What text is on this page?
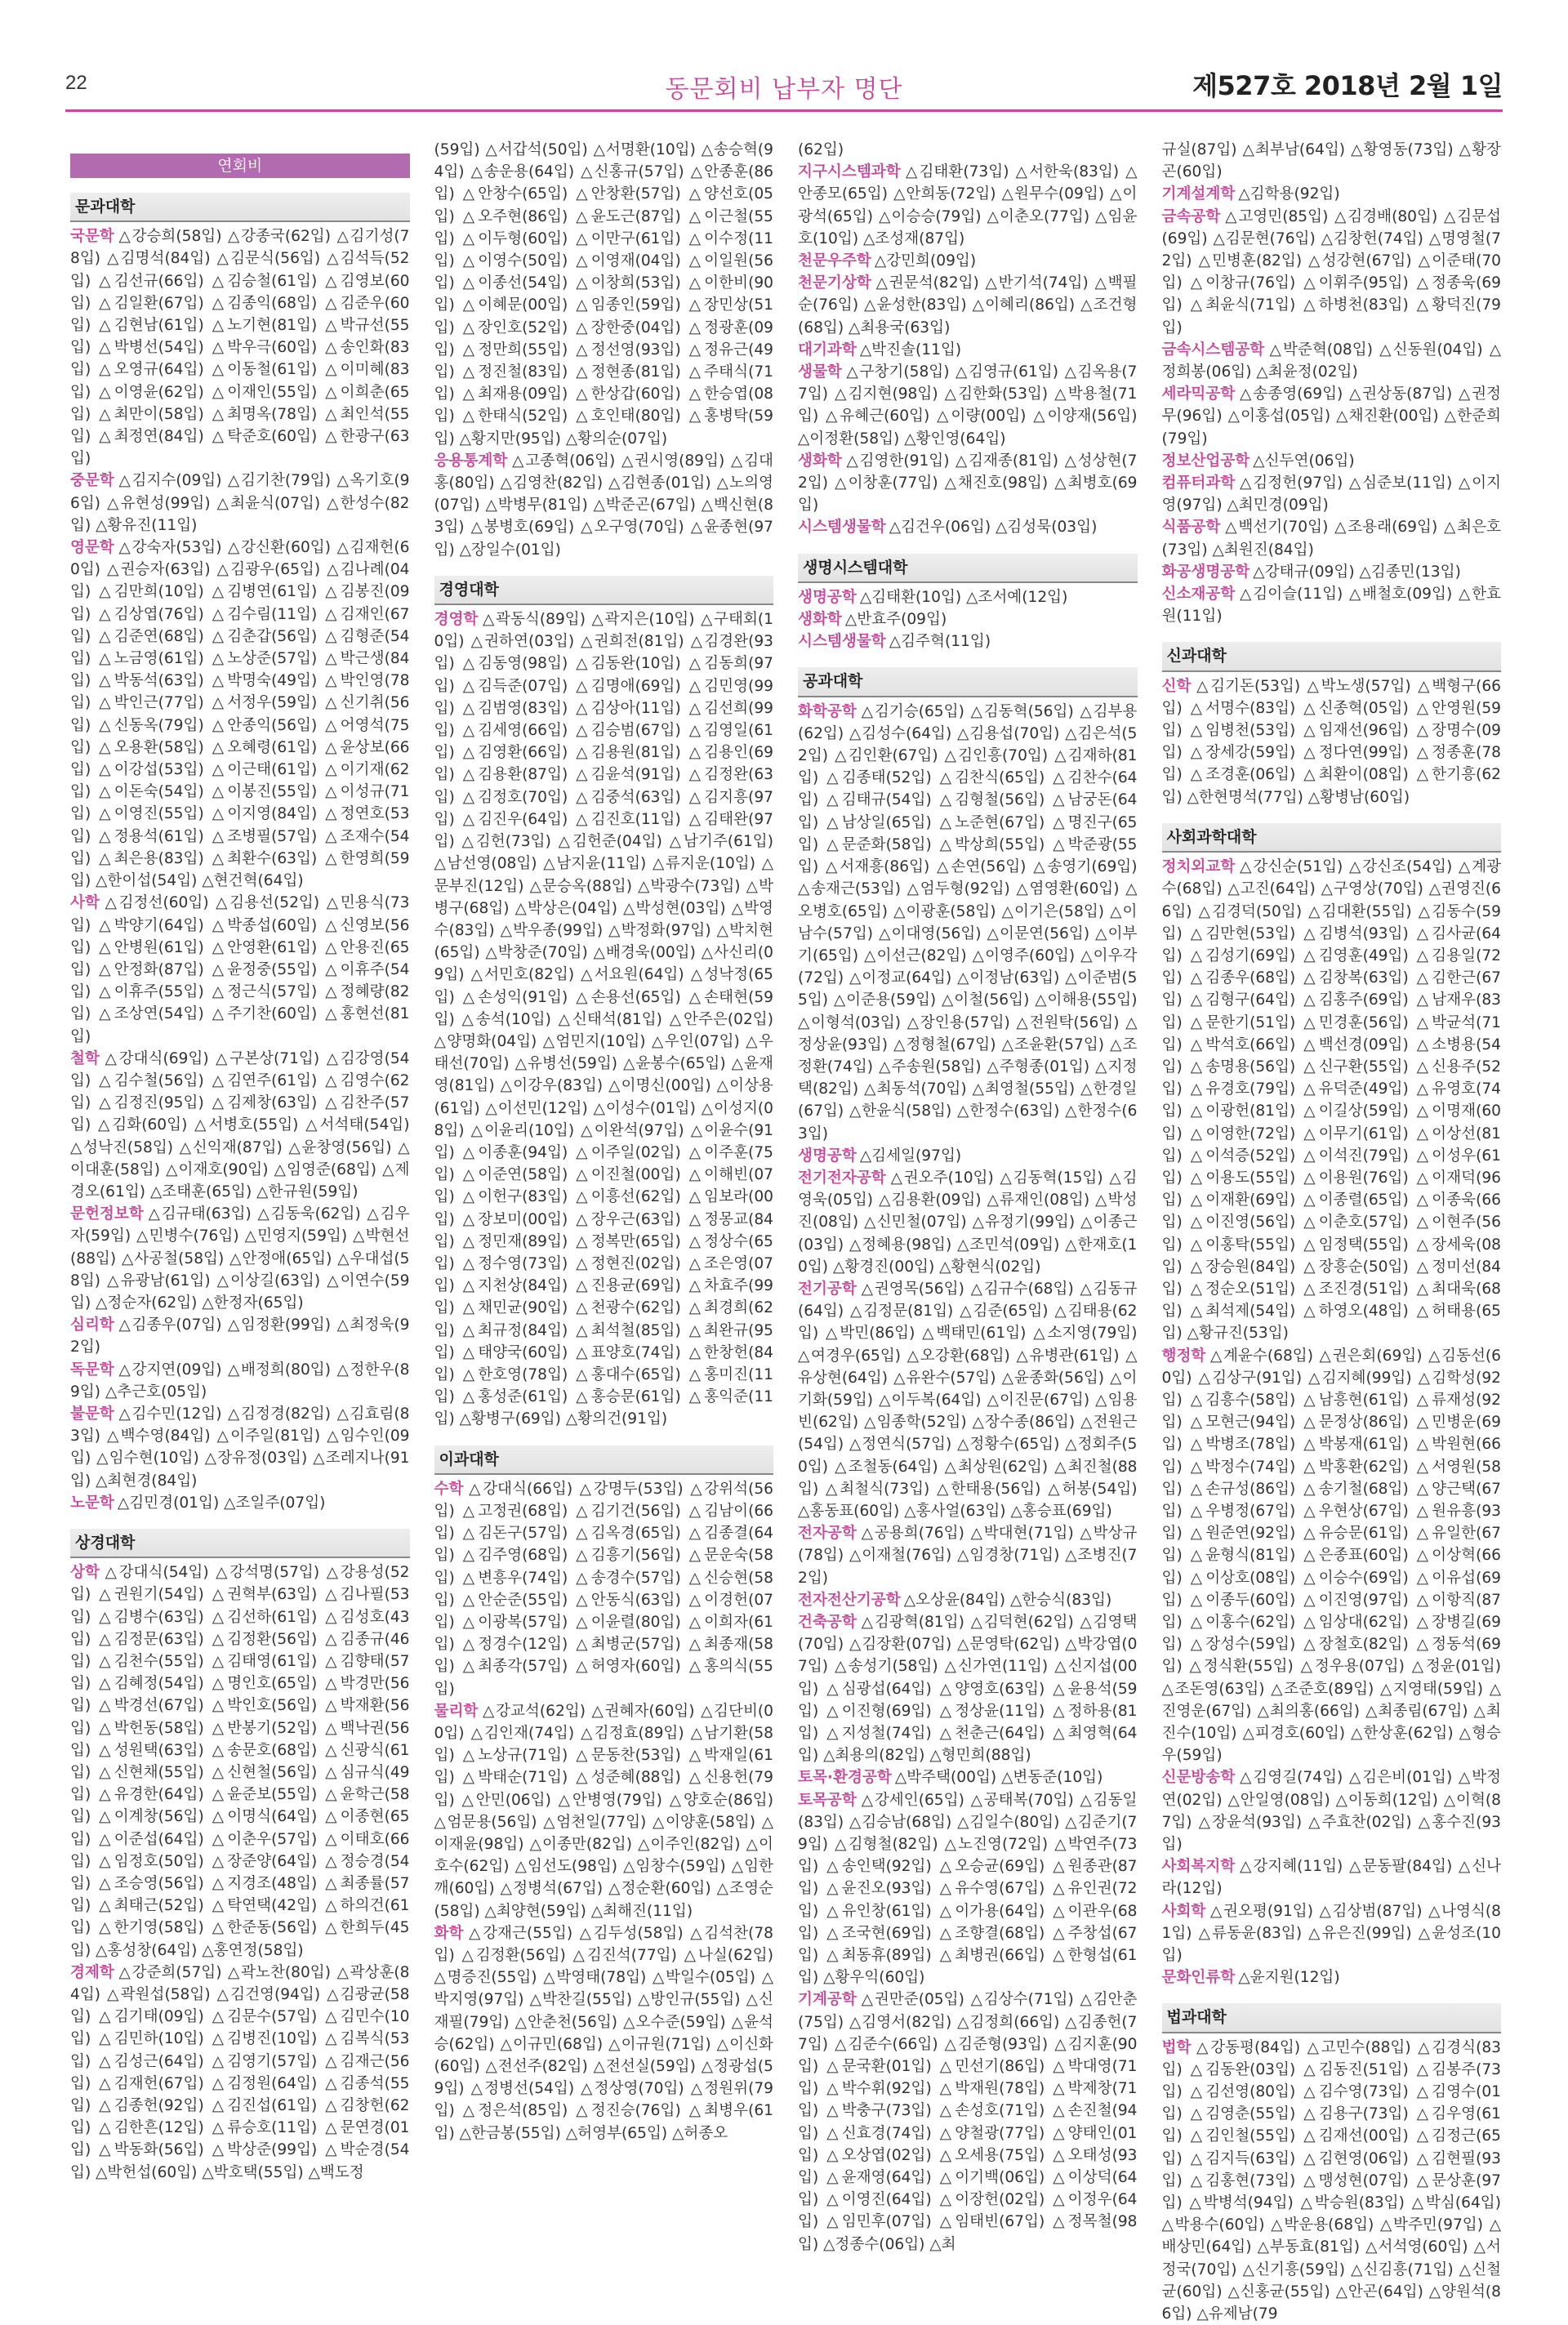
22	동문회비 납부자 명단	제527호 2018년 2월 1일
연회비
문과대학
국문학 △강승희(58입) △강종국(62입) △김기성(78입) △김명석(84입) △김문식(56입) △김석득(52입) △김선규(66입) △김승철(61입) △김영보(60입) △김일환(67입) △김종익(68입) △김준우(60입) △김현남(61입) △노기현(81입) △박규선(55입) △박병선(54입) △박우극(60입) △송인화(83입) △오영규(64입) △이동철(61입) △이미혜(83입) △이영윤(62입) △이재인(55입) △이희춘(65입) △최만이(58입) △최명옥(78입) △최인석(55입) △최정연(84입) △탁준호(60입) △한광구(63입)
중문학 △김지수(09입) △김기찬(79입) △옥기호(96입) △유현성(99입) △최윤식(07입) △한성수(82입) △황유진(11입)
영문학 △강숙자(53입) △강신환(60입) △김재헌(60입) △권승자(63입) △김광우(65입) △김나례(04입) △김만희(10입) △김병연(61입) △김봉진(09입) △김상엽(76입) △김수림(11입) △김재인(67입) △김준연(68입) △김춘갑(56입) △김형준(54입) △노금영(61입) △노상준(57입) △박근생(84입) △박동석(63입) △박명숙(49입) △박인영(78입) △박인근(77입) △서정우(59입) △신기취(56입) △신동옥(79입) △안종익(56입) △어영석(75입) △오용환(58입) △오혜령(61입) △윤상보(66입) △이강섭(53입) △이근태(61입) △이기재(62입) △이돈숙(54입) △이봉진(55입) △이성규(71입) △이영진(55입) △이지영(84입) △정연호(53입) △정용석(61입) △조병필(57입) △조재수(54입) △최은용(83입) △최환수(63입) △한영희(59입) △한이섭(54입) △현건혁(64입)
사학 △김정선(60입) △김용선(52입) △민용식(73입) △박양기(64입) △박종섭(60입) △신영보(56입) △안병원(61입) △안영환(61입) △안용진(65입) △안정화(87입) △윤정중(55입) △이휴주(54입) △이휴주(55입) △정근식(57입) △정혜량(82입) △조상연(54입) △주기찬(60입) △홍현선(81입)
철학 △강대식(69입) △구본상(71입) △김강영(54입) △김수철(56입) △김연주(61입) △김영수(62입) △김정진(95입) △김제창(63입) △김찬주(57입) △김화(60입) △서병호(55입) △서석태(54입) △성낙진(58입) △신익재(87입) △윤창영(56입) △이대훈(58입) △이재호(90입) △임영준(68입) △제경오(61입) △조태훈(65입) △한규원(59입)
문헌정보학 △김규태(63입) △김동욱(62입) △김우자(59입) △민병수(76입) △민영지(59입) △박현선(88입) △사공철(58입) △안정애(65입) △우대섭(58입) △유광남(61입) △이상길(63입) △이연수(59입) △정순자(62입) △한정자(65입)
심리학 △김종우(07입) △임정환(99입) △최정욱(92입)
독문학 △강지연(09입) △배정희(80입) △정한우(89입) △추근호(05입)
불문학 △김수민(12입) △김정경(82입) △김효림(83입) △백수영(84입) △이주일(81입) △임수인(09입) △임수현(10입) △장유정(03입) △조레지나(91입) △최현경(84입)
노문학 △김민경(01입) △조일주(07입)
상경대학
상학 △강대식(54입) △강석명(57입) △강용성(52입) △권원기(54입) △권혁부(63입) △김나필(53입) △김병수(63입) △김선하(61입) △김성호(43입) △김정문(63입) △김정환(56입) △김종규(46입) △김천수(55입) △김태영(61입) △김향태(57입) △김혜정(54입) △명인호(65입) △박경만(56입) △박경선(67입) △박인호(56입) △박재환(56입) △박헌동(58입) △반봉기(52입) △백낙권(56입) △성원택(63입) △송문호(68입) △신광식(61입) △신현채(55입) △신현철(56입) △심규식(49입) △유경한(64입) △윤준보(55입) △윤학근(58입) △이계창(56입) △이명식(64입) △이종현(65입) △이준섭(64입) △이춘우(57입) △이태호(66입) △임정호(50입) △장준양(64입) △정승경(54입) △조승영(56입) △지경조(48입) △최종률(57입) △최태근(52입) △탁연택(42입) △하의건(61입) △한기영(58입) △한준동(56입) △한희두(45입) △홍성창(64입) △홍연정(58입)
경제학 △강준희(57입) △곽노찬(80입) △곽상훈(84입) △곽원섭(58입) △김건영(94입) △김광균(58입) △김기태(09입) △김문수(57입) △김민수(10입) △김민하(10입) △김병진(10입) △김복식(53입) △김성근(64입) △김영기(57입) △김재근(56입) △김재헌(67입) △김정원(64입) △김종석(55입) △김종헌(92입) △김진섭(61입) △김창헌(62입) △김한흔(12입) △류승호(11입) △문연경(01입) △박동화(56입) △박상준(99입) △박순경(54입) △박헌섭(60입) △박호택(55입) △백도정
(59입) △서갑석(50입) △서명환(10입) △송승혁(94입) △송운용(64입) △신홍규(57입) △안종훈(86입) △안창수(65입) △안창환(57입) △양선호(05입) △오주현(86입) △윤도근(87입) △이근철(55입) △이두형(60입) △이만구(61입) △이수정(11입) △이영수(50입) △이영재(04입) △이일원(56입) △이종선(54입) △이창희(53입) △이한비(90입) △이혜문(00입) △임종인(59입) △장민상(51입) △장인호(52입) △장한중(04입) △정광훈(09입) △정만희(55입) △정선영(93입) △정유근(49입) △정진철(83입) △정현종(81입) △주태식(71입) △최재용(09입) △한상갑(60입) △한승엽(08입) △한태식(52입) △호인태(80입) △홍병탁(59입) △황지만(95입) △황의순(07입)
응용통계학 △고종혁(06입) △권시영(89입) △김대홍(80입) △김영찬(82입) △김현종(01입) △노의영(07입) △박병무(81입) △박준곤(67입) △백신현(83입) △봉병호(69입) △오구영(70입) △윤종현(97입) △장일수(01입)
경영대학
경영학 △곽동식(89입) △곽지은(10입) △구태회(10입) △권하연(03입) △권희전(81입) △김경완(93입) △김동영(98입) △김동완(10입) △김동희(97입) △김득준(07입) △김명애(69입) △김민영(99입) △김범영(83입) △김상아(11입) △김선희(99입) △김세영(66입) △김승범(67입) △김영일(61입) △김영환(66입) △김용원(81입) △김용인(69입) △김용환(87입) △김윤석(91입) △김정완(63입) △김정호(70입) △김중석(63입) △김지흥(97입) △김진우(64입) △김진호(11입) △김태완(97입) △김헌(73입) △김헌준(04입) △남기주(61입) △남선영(08입) △남지윤(11입) △류지운(10입) △문부진(12입) △문승옥(88입) △박광수(73입) △박병구(68입) △박상은(04입) △박성현(03입) △박영수(83입) △박우종(99입) △박정화(97입) △박치현(65입) △박창준(70입) △배경욱(00입) △사신리(09입) △서민호(82입) △서요원(64입) △성낙정(65입) △손성익(91입) △손용선(65입) △손태현(59입) △송석(10입) △신태석(81입) △안주은(02입) △양명화(04입) △엄민지(10입) △우인(07입) △우태선(70입) △유병선(59입) △윤봉수(65입) △윤재영(81입) △이강우(83입) △이명신(00입) △이상용(61입) △이선민(12입) △이성수(01입) △이성지(08입) △이윤리(10입) △이완석(97입) △이윤수(91입) △이종훈(94입) △이주일(02입) △이주훈(75입) △이준연(58입) △이진철(00입) △이해빈(07입) △이헌구(83입) △이흥선(62입) △임보라(00입) △장보미(00입) △장우근(63입) △정몽교(84입) △정민재(89입) △정복만(65입) △정상수(65입) △정수영(73입) △정현진(02입) △조은영(07입) △지천상(84입) △진용균(69입) △차효주(99입) △채민균(90입) △천광수(62입) △최경희(62입) △최규정(84입) △최석철(85입) △최완규(95입) △태양국(60입) △표양호(74입) △한창헌(84입) △한호영(78입) △홍대수(65입) △홍미진(11입) △홍성준(61입) △홍승문(61입) △홍익준(11입) △황병구(69입) △황의건(91입)
이과대학
수학 △강대식(66입) △강명두(53입) △강위석(56입) △고정권(68입) △김기건(56입) △김남이(66입) △김돈구(57입) △김옥경(65입) △김종결(64입) △김주영(68입) △김흥기(56입) △문운숙(58입) △변흥우(74입) △송경수(57입) △신승현(58입) △안순준(55입) △안동식(63입) △이경헌(07입) △이광복(57입) △이윤렬(80입) △이희자(61입) △정경수(12입) △최병군(57입) △최종재(58입) △최종각(57입) △허영자(60입) △홍의식(55입)
물리학 △강교석(62입) △권혜자(60입) △김단비(00입) △김인재(74입) △김정효(89입) △남기환(58입) △노상규(71입) △문동찬(53입) △박재일(61입) △박태순(71입) △성준혜(88입) △신용헌(79입) △안민(06입) △안병영(79입) △양호순(86입) △엄문용(56입) △엄천일(77입) △이양훈(58입) △이재윤(98입) △이종만(82입) △이주인(82입) △이호수(62입) △임선도(98입) △임창수(59입) △임한깨(60입) △정병석(67입) △정순환(60입) △조영순(58입) △최양현(59입) △최해진(11입)
화학 △강재근(55입) △김두성(58입) △김석찬(78입) △김정환(56입) △김진석(77입) △나실(62입) △명증진(55입) △박영태(78입) △박일수(05입) △박지영(97입) △박찬길(55입) △방인규(55입) △신재필(79입) △안춘천(56입) △오수준(59입) △윤석승(62입) △이규민(68입) △이규원(71입) △이신화(60입) △전선주(82입) △전선실(59입) △정광섭(59입) △정병선(54입) △정상영(70입) △정원위(79입) △정은석(85입) △정진승(76입) △최병우(61입) △한금봉(55입) △허영부(65입) △허종오
(62입)
지구시스템과학 △김태환(73입) △서한욱(83입) △안종모(65입) △안희동(72입) △원무수(09입) △이광석(65입) △이승승(79입) △이춘오(77입) △임윤호(10입) △조성재(87입)
천문우주학 △강민희(09입)
천문기상학 △권문석(82입) △반기석(74입) △백필순(76입) △윤성한(83입) △이혜리(86입) △조건형(68입) △최용국(63입)
대기과학 △박진솔(11입)
생물학 △구창기(58입) △김영규(61입) △김옥용(77입) △김지현(98입) △김한화(53입) △박용철(71입) △유혜근(60입) △이량(00입) △이양재(56입) △이정환(58입) △황인영(64입)
생화학 △김영한(91입) △김재종(81입) △성상현(72입) △이창훈(77입) △채진호(98입) △최병호(69입)
시스템생물학 △김건우(06입) △김성묵(03입)
생명시스템대학
생명공학 △김태환(10입) △조서예(12입)
생화학 △반효주(09입)
시스템생물학 △김주혁(11입)
공과대학
화학공학 △김기승(65입) △김동혁(56입) △김부용(62입) △김성수(64입) △김용섭(70입) △김은석(52입) △김인환(67입) △김인흥(70입) △김재하(81입) △김종태(52입) △김찬식(65입) △김찬수(64입) △김태규(54입) △김형철(56입) △남궁돈(64입) △남상일(65입) △노준현(67입) △명진구(65입) △문준화(58입) △박상희(55입) △박준광(55입) △서재흥(86입) △손연(56입) △송영기(69입) △송재근(53입) △엄두형(92입) △염영환(60입) △오병호(65입) △이광훈(58입) △이기은(58입) △이남수(57입) △이대영(56입) △이문연(56입) △이부기(65입) △이선근(82입) △이영주(60입) △이우각(72입) △이정교(64입) △이정남(63입) △이준범(55입) △이준용(59입) △이철(56입) △이해용(55입) △이형석(03입) △장인용(57입) △전원탁(56입) △정상윤(93입) △정형철(67입) △조윤환(57입) △조정환(74입) △주송원(58입) △주형종(01입) △지정택(82입) △최동석(70입) △최영철(55입) △한경일(67입) △한윤식(58입) △한정수(63입) △한정수(63입)
생명공학 △김세일(97입)
전기전자공학 △권오주(10입) △김동혁(15입) △김영욱(05입) △김용환(09입) △류재인(08입) △박성진(08입) △신민철(07입) △유정기(99입) △이종근(03입) △정혜용(98입) △조민석(09입) △한재호(10입) △황경진(00입) △황현식(02입)
전기공학 △권영목(56입) △김규수(68입) △김동규(64입) △김정문(81입) △김준(65입) △김태용(62입) △박민(86입) △백태민(61입) △소지영(79입) △여경우(65입) △오강환(68입) △유병관(61입) △유상현(64입) △유완수(57입) △윤종화(56입) △이기화(59입) △이두복(64입) △이진문(67입) △임용빈(62입) △임종학(52입) △장수종(86입) △전원근(54입) △정연식(57입) △정황수(65입) △정회주(50입) △조철동(64입) △최상원(62입) △최진철(88입) △최철식(73입) △한태용(56입) △허봉(54입) △홍동표(60입) △홍사얼(63입) △홍승표(69입)
전자공학 △공용희(76입) △박대현(71입) △박상규(78입) △이재철(76입) △임경창(71입) △조병진(72입)
전자전산기공학 △오상윤(84입) △한승식(83입)
건축공학 △김광혁(81입) △김덕현(62입) △김영택(70입) △김장환(07입) △문영탁(62입) △박강엽(07입) △송성기(58입) △신가연(11입) △신지섭(00입) △심광섭(64입) △양영호(63입) △윤용석(59입) △이진형(69입) △정상윤(11입) △정하용(81입) △지성철(74입) △천춘근(64입) △최영혁(64입) △최용의(82입) △형민희(88입)
토목·환경공학 △박주택(00입) △변동준(10입)
토목공학 △강세인(65입) △공태복(70입) △김동일(83입) △김승남(68입) △김일수(80입) △김준기(79입) △김형철(82입) △노진영(72입) △박연주(73입) △송인택(92입) △오승균(69입) △원종관(87입) △윤진오(93입) △유수영(67입) △유인권(72입) △유인창(61입) △이가용(64입) △이관우(68입) △조국현(69입) △조향결(68입) △주창섭(67입) △최동휴(89입) △최병권(66입) △한형섭(61입) △황우익(60입)
기계공학 △권만준(05입) △김상수(71입) △김안춘(75입) △김영서(82입) △김정희(66입) △김종헌(77입) △김준수(66입) △김준형(93입) △김지훈(90입) △문국환(01입) △민선기(86입) △박대영(71입) △박수휘(92입) △박재원(78입) △박제창(71입) △박충구(73입) △손성호(71입) △손진철(94입) △신효경(74입) △양철광(77입) △양태인(01입) △오상엽(02입) △오세용(75입) △오태성(93입) △윤재영(64입) △이기백(06입) △이상덕(64입) △이영진(64입) △이장헌(02입) △이정우(64입) △임민후(07입) △임태빈(67입) △정목철(98입) △정종수(06입) △최
규실(87입) △최부남(64입) △황영동(73입) △황장곤(60입)
기계설계학 △김학용(92입)
금속공학 △고영민(85입) △김경배(80입) △김문섭(69입) △김문현(76입) △김창헌(74입) △명영철(72입) △민병훈(82입) △성강현(67입) △이준태(70입) △이창규(76입) △이휘주(95입) △정종욱(69입) △최윤식(71입) △하병천(83입) △황덕진(79입)
금속시스템공학 △박준혁(08입) △신동원(04입) △정희봉(06입) △최윤정(02입)
세라믹공학 △송종영(69입) △권상동(87입) △권정무(96입) △이홍섭(05입) △채진환(00입) △한준희(79입)
정보산업공학 △신두연(06입)
컴퓨터과학 △김정헌(97입) △심준보(11입) △이지영(97입) △최민경(09입)
식품공학 △백선기(70입) △조용래(69입) △최은호(73입) △최원진(84입)
화공생명공학 △강태규(09입) △김종민(13입)
신소재공학 △김이슬(11입) △배철호(09입) △한효원(11입)
신과대학
신학 △김기돈(53입) △박노생(57입) △백형구(66입) △서명수(83입) △신종혁(05입) △안영원(59입) △임병천(53입) △임재선(96입) △장명수(09입) △장세강(59입) △정다연(99입) △정종훈(78입) △조경훈(06입) △최환이(08입) △한기흥(62입) △한현명석(77입) △황병남(60입)
사회과학대학
정치외교학 △강신순(51입) △강신조(54입) △계광수(68입) △고진(64입) △구영상(70입) △권영진(66입) △김경덕(50입) △김대환(55입) △김동수(59입) △김만현(53입) △김병석(93입) △김사균(64입) △김성기(69입) △김영훈(49입) △김용일(72입) △김종우(68입) △김창복(63입) △김한근(67입) △김형구(64입) △김홍주(69입) △남재우(83입) △문한기(51입) △민경훈(56입) △박균석(71입) △박석호(66입) △백선경(09입) △소병용(54입) △송명용(56입) △신구환(55입) △신용주(52입) △유경호(79입) △유덕준(49입) △유영호(74입) △이광헌(81입) △이길상(59입) △이명재(60입) △이영한(72입) △이무기(61입) △이상선(81입) △이석증(52입) △이석진(79입) △이성우(61입) △이용도(55입) △이용원(76입) △이재덕(96입) △이재환(69입) △이종렬(65입) △이종욱(66입) △이진영(56입) △이춘호(57입) △이현주(56입) △이홍탁(55입) △임정택(55입) △장세욱(08입) △장승원(84입) △장흥순(50입) △정미선(84입) △정순오(51입) △조진경(51입) △최대욱(68입) △최석제(54입) △하영오(48입) △허태용(65입) △황규진(53입)
행정학 △계윤수(68입) △권은회(69입) △김동선(60입) △김상구(91입) △김지혜(99입) △김학성(92입) △김흥수(58입) △남흥현(61입) △류재성(92입) △모현근(94입) △문정상(86입) △민병운(69입) △박병조(78입) △박봉재(61입) △박원현(66입) △박정수(74입) △박홍환(62입) △서영원(58입) △손규성(86입) △송기철(68입) △양근택(67입) △우병정(67입) △우현상(67입) △원유흥(93입) △원준연(92입) △유승문(61입) △유일한(67입) △윤형식(81입) △은종표(60입) △이상혁(66입) △이상호(08입) △이승수(69입) △이유섭(69입) △이종두(60입) △이진영(97입) △이항직(87입) △이홍수(62입) △임상대(62입) △장병길(69입) △장성수(59입) △장철호(82입) △정동석(69입) △정식환(55입) △정우용(07입) △정윤(01입) △조돈영(63입) △조준호(89입) △지영태(59입) △진영운(67입) △최의홍(66입) △최종림(67입) △최진수(10입) △피경호(60입) △한상훈(62입) △형승우(59입)
신문방송학 △김영길(74입) △김은비(01입) △박정연(02입) △안일영(08입) △이동희(12입) △이혁(87입) △장윤석(93입) △주효찬(02입) △홍수진(93입)
사회복지학 △강지혜(11입) △문동팔(84입) △신나라(12입)
사회학 △권오평(91입) △김상범(87입) △나영식(81입) △류동윤(83입) △유은진(99입) △윤성조(10입)
문화인류학 △윤지원(12입)
법과대학
법학 △강동평(84입) △고민수(88입) △김경식(83입) △김동완(03입) △김동진(51입) △김봉주(73입) △김선영(80입) △김수영(73입) △김영수(01입) △김영춘(55입) △김용구(73입) △김우영(61입) △김인철(55입) △김재선(00입) △김정근(65입) △김지득(63입) △김현영(06입) △김현필(93입) △김홍현(73입) △맹성현(07입) △문상훈(97입) △박병석(94입) △박승원(83입) △박심(64입) △박용수(60입) △박운용(68입) △박주민(97입) △배상민(64입) △부동효(81입) △서석영(60입) △서정국(70입) △신기흥(59입) △신김흥(71입) △신철균(60입) △신홍균(55입) △안곤(64입) △양원석(86입) △유제남(79
